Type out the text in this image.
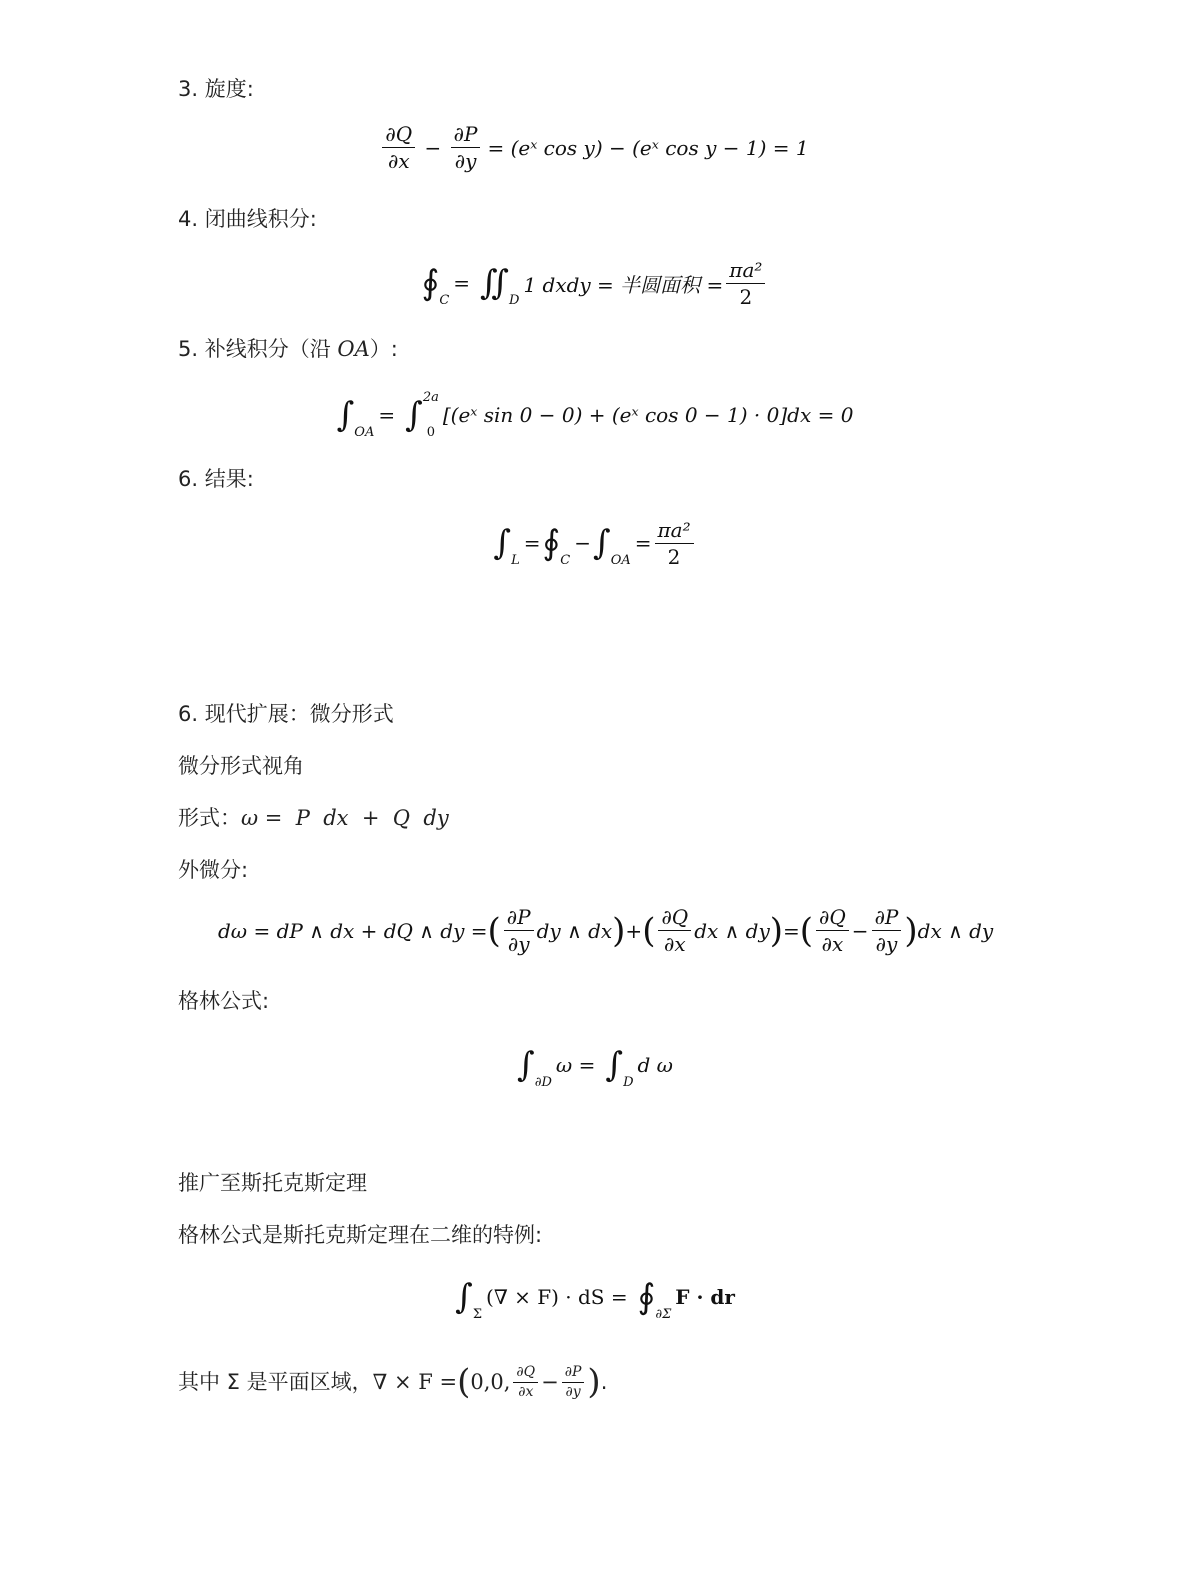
3. 旋度:
$\frac{\partial Q}{\partial x} - \frac{\partial P}{\partial y}$ = (eˣ cos y) − (eˣ cos y − 1) = 1
4. 闭曲线积分:
∮ C
= ∬ D
1 dxdy = 半圆面积 = $\frac{\text{πa²}}{2}$
5. 补线积分（沿 OA）:
∫ OA
= ∫ 2a
0
[(eˣ sin 0 − 0) + (eˣ cos 0 − 1) · 0]dx = 0
6. 结果:
∫ L
= ∮ C
− ∫ OA
= $\frac{\text{πa²}}{2}$
6. 现代扩展：微分形式
微分形式视角
形式：ω =  P  dx  +  Q  dy
外微分:
dω = dP ∧ dx + dQ ∧ dy = ( $\frac{\partial P}{\partial y}$ dy ∧ dx ) + ( $\frac{\partial Q}{\partial x}$ dx ∧ dy ) = ( $\frac{\partial Q}{\partial x} - \frac{\partial P}{\partial y}$ ) dx ∧ dy
格林公式:
∫ ∂D
ω = ∫ D
d ω
推广至斯托克斯定理
格林公式是斯托克斯定理在二维的特例:
∫ Σ
(∇ × F) · dS = ∮ ∂Σ
F · dr
其中 Σ 是平面区域， ∇ × F = ( 0,0, $\frac{\partial Q}{\partial x} - \frac{\partial P}{\partial y}$ ) .
